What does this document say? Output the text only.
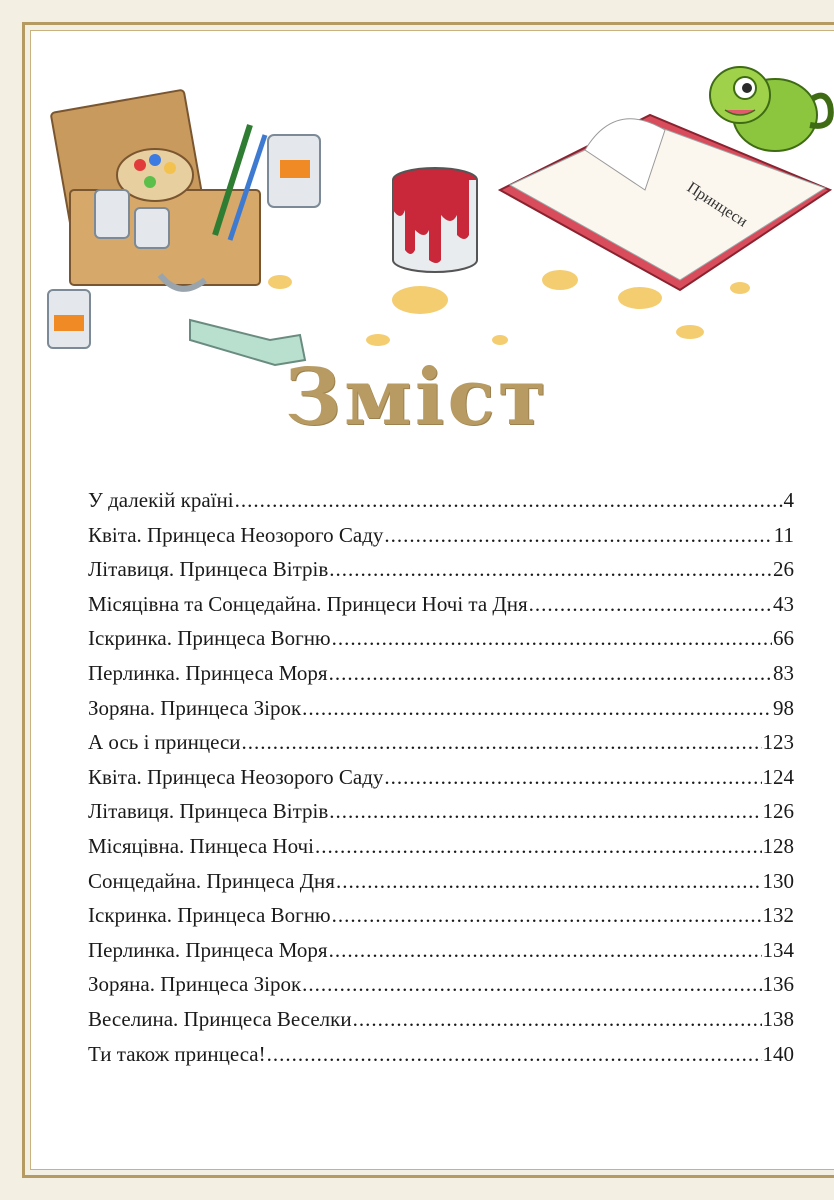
Принцеси
Зміст
У далекій країні .....	4
Квіта. Принцеса Неозорого Саду .....	11
Літавиця. Принцеса Вітрів .....	26
Місяцівна та Сонцедайна. Принцеси Ночі та Дня .....	43
Іскринка. Принцеса Вогню .....	66
Перлинка. Принцеса Моря .....	83
Зоряна. Принцеса Зірок .....	98
А ось і принцеси .....	123
Квіта. Принцеса Неозорого Саду .....	124
Літавиця. Принцеса Вітрів .....	126
Місяцівна. Пинцеса Ночі .....	128
Сонцедайна. Принцеса Дня .....	130
Іскринка. Принцеса Вогню .....	132
Перлинка. Принцеса Моря .....	134
Зоряна. Принцеса Зірок .....	136
Веселина. Принцеса Веселки .....	138
Ти також принцеса! .....	140
